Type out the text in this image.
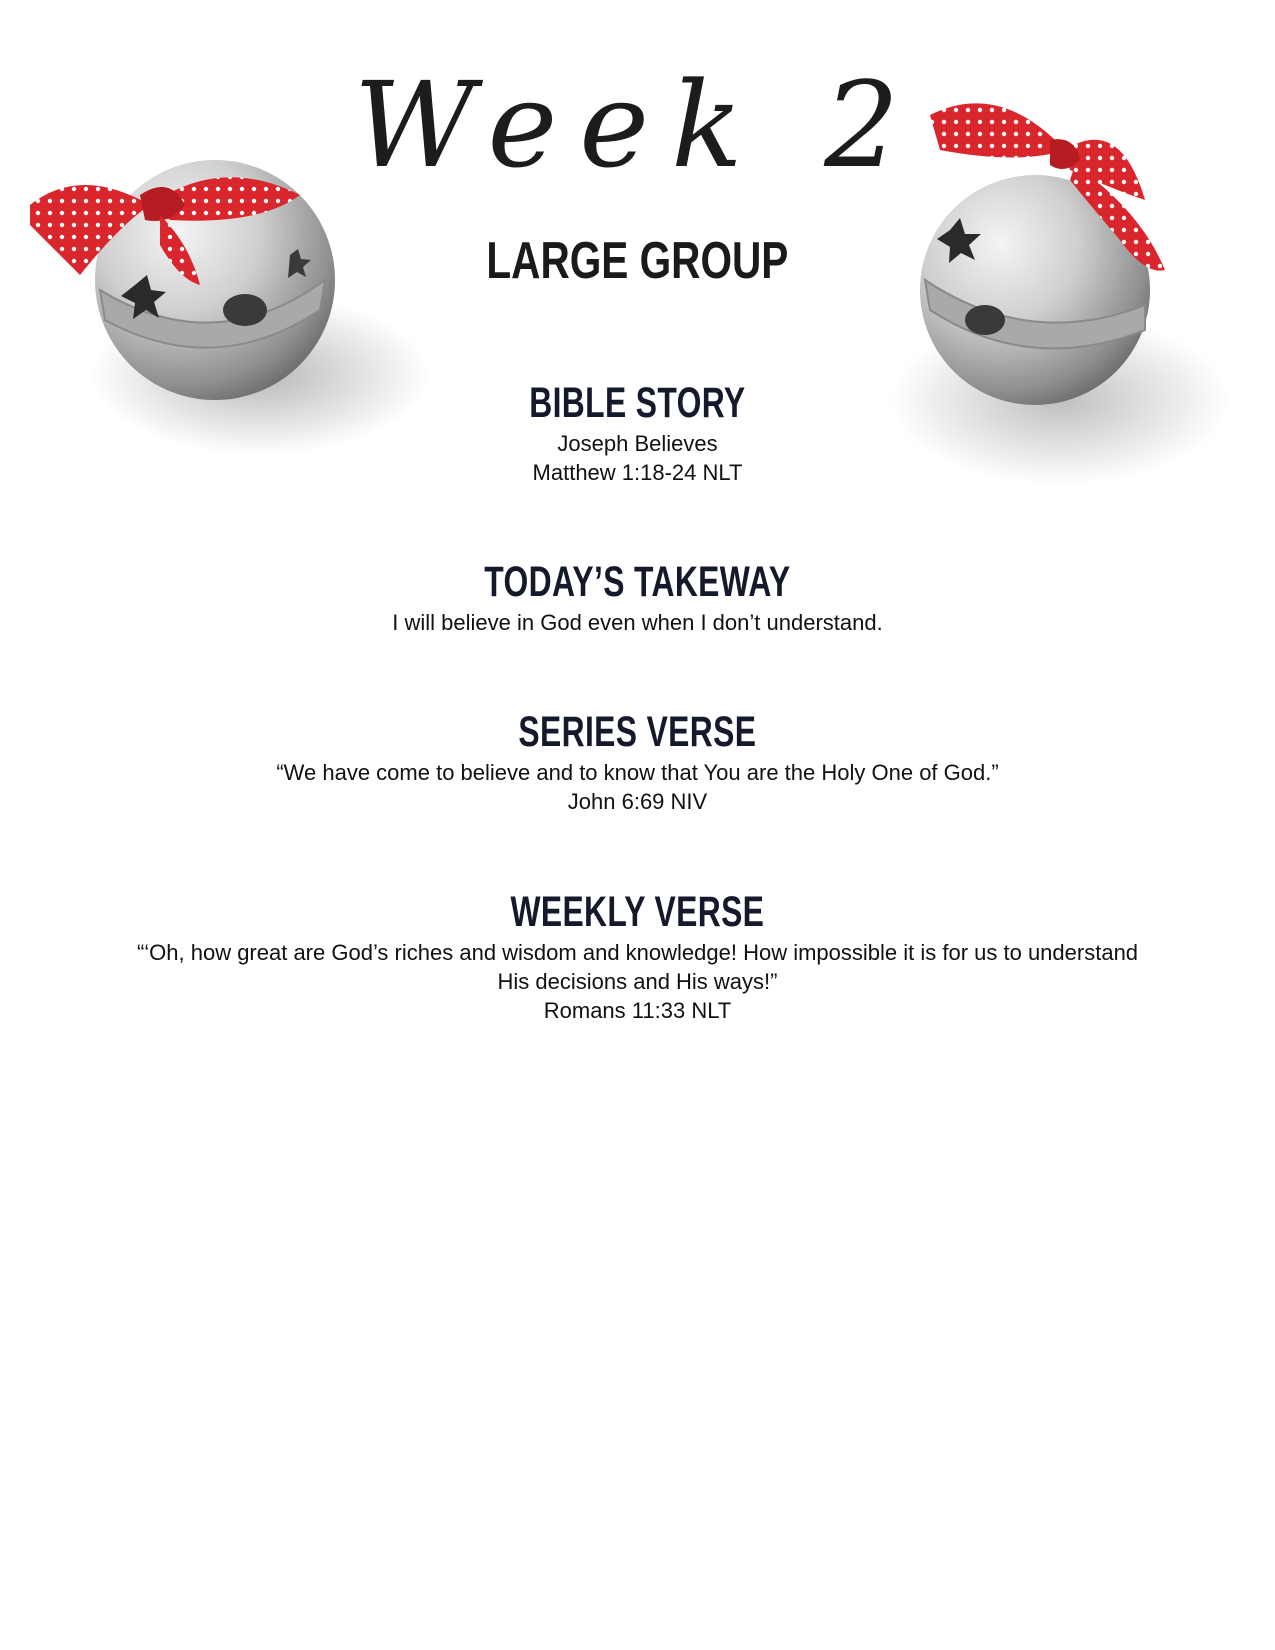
Week 2
LARGE GROUP
BIBLE STORY

Joseph Believes

Matthew 1:18-24 NLT

TODAY’S TAKEWAY

I will believe in God even when I don’t understand.

SERIES VERSE

“We have come to believe and to know that You are the Holy One of God.”

John 6:69 NIV

WEEKLY VERSE

“‘Oh, how great are God’s riches and wisdom and knowledge! How impossible it is for us to understand His decisions and His ways!”

Romans 11:33 NLT
